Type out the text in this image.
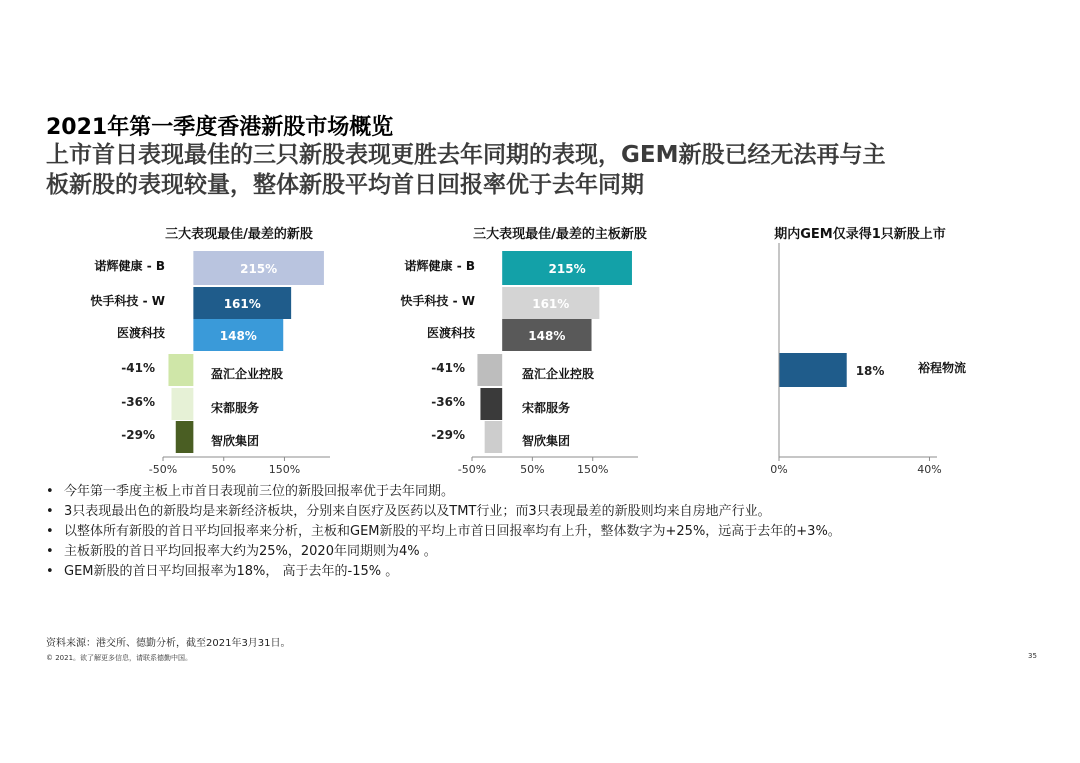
2021年第一季度香港新股市场概览
上市首日表现最佳的三只新股表现更胜去年同期的表现，GEM新股已经无法再与主
板新股的表现较量，整体新股平均首日回报率优于去年同期
三大表现最佳/最差的新股
215%
诺辉健康 - B
161%
快手科技 - W
148%
医渡科技
-41%	盈汇企业控股
-36%	宋都服务
-29%	智欣集团
-50%	50%	150%
三大表现最佳/最差的主板新股
215%
诺辉健康 - B
161%
快手科技 - W
148%
医渡科技
-41%	盈汇企业控股
-36%	宋都服务
-29%	智欣集团
-50%	50%	150%
期内GEM仅录得1只新股上市
18%	裕程物流
0%	40%
• 今年第一季度主板上市首日表现前三位的新股回报率优于去年同期。
• 3只表现最出色的新股均是来新经济板块，分别来自医疗及医药以及TMT行业；而3只表现最差的新股则均来自房地产行业。
• 以整体所有新股的首日平均回报率来分析，主板和GEM新股的平均上市首日回报率均有上升，整体数字为+25%，远高于去年的+3%。
• 主板新股的首日平均回报率大约为25%，2020年同期则为4% 。
• GEM新股的首日平均回报率为18%， 高于去年的-15% 。
资料来源：港交所、德勤分析，截至2021年3月31日。
© 2021。欲了解更多信息，请联系德勤中国。	35
